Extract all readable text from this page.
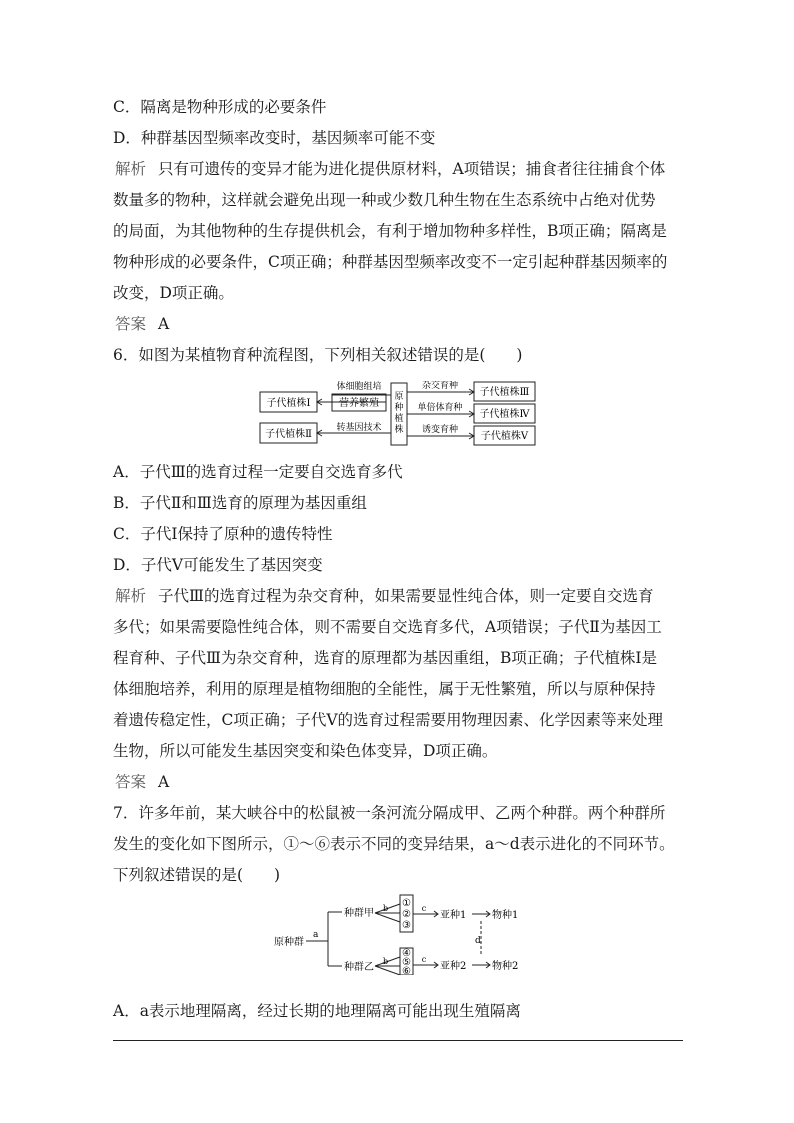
C．隔离是物种形成的必要条件
D．种群基因型频率改变时，基因频率可能不变
解析 只有可遗传的变异才能为进化提供原材料，A项错误；捕食者往往捕食个体
数量多的物种，这样就会避免出现一种或少数几种生物在生态系统中占绝对优势
的局面，为其他物种的生存提供机会，有利于增加物种多样性，B项正确；隔离是
物种形成的必要条件，C项正确；种群基因型频率改变不一定引起种群基因频率的
改变，D项正确。
答案 A
6．如图为某植物育种流程图，下列相关叙述错误的是(　　)
子代植株Ⅰ
子代植株Ⅱ
营养繁殖
体细胞组培
转基因技术
原种植株
子代植株Ⅲ
子代植株Ⅳ
子代植株Ⅴ
杂交育种
单倍体育种
诱变育种
A．子代Ⅲ的选育过程一定要自交选育多代
B．子代Ⅱ和Ⅲ选育的原理为基因重组
C．子代Ⅰ保持了原种的遗传特性
D．子代Ⅴ可能发生了基因突变
解析 子代Ⅲ的选育过程为杂交育种，如果需要显性纯合体，则一定要自交选育
多代；如果需要隐性纯合体，则不需要自交选育多代，A项错误；子代Ⅱ为基因工
程育种、子代Ⅲ为杂交育种，选育的原理都为基因重组，B项正确；子代植株Ⅰ是
体细胞培养，利用的原理是植物细胞的全能性，属于无性繁殖，所以与原种保持
着遗传稳定性，C项正确；子代Ⅴ的选育过程需要用物理因素、化学因素等来处理
生物，所以可能发生基因突变和染色体变异，D项正确。
答案 A
7．许多年前，某大峡谷中的松鼠被一条河流分隔成甲、乙两个种群。两个种群所
发生的变化如下图所示，①～⑥表示不同的变异结果，a～d表示进化的不同环节。
下列叙述错误的是(　　)
原种群
a
种群甲
种群乙
b
b
①
②
③
④
⑤
⑥
c
c
亚种1
亚种2
物种1
物种2
d
A．a表示地理隔离，经过长期的地理隔离可能出现生殖隔离
